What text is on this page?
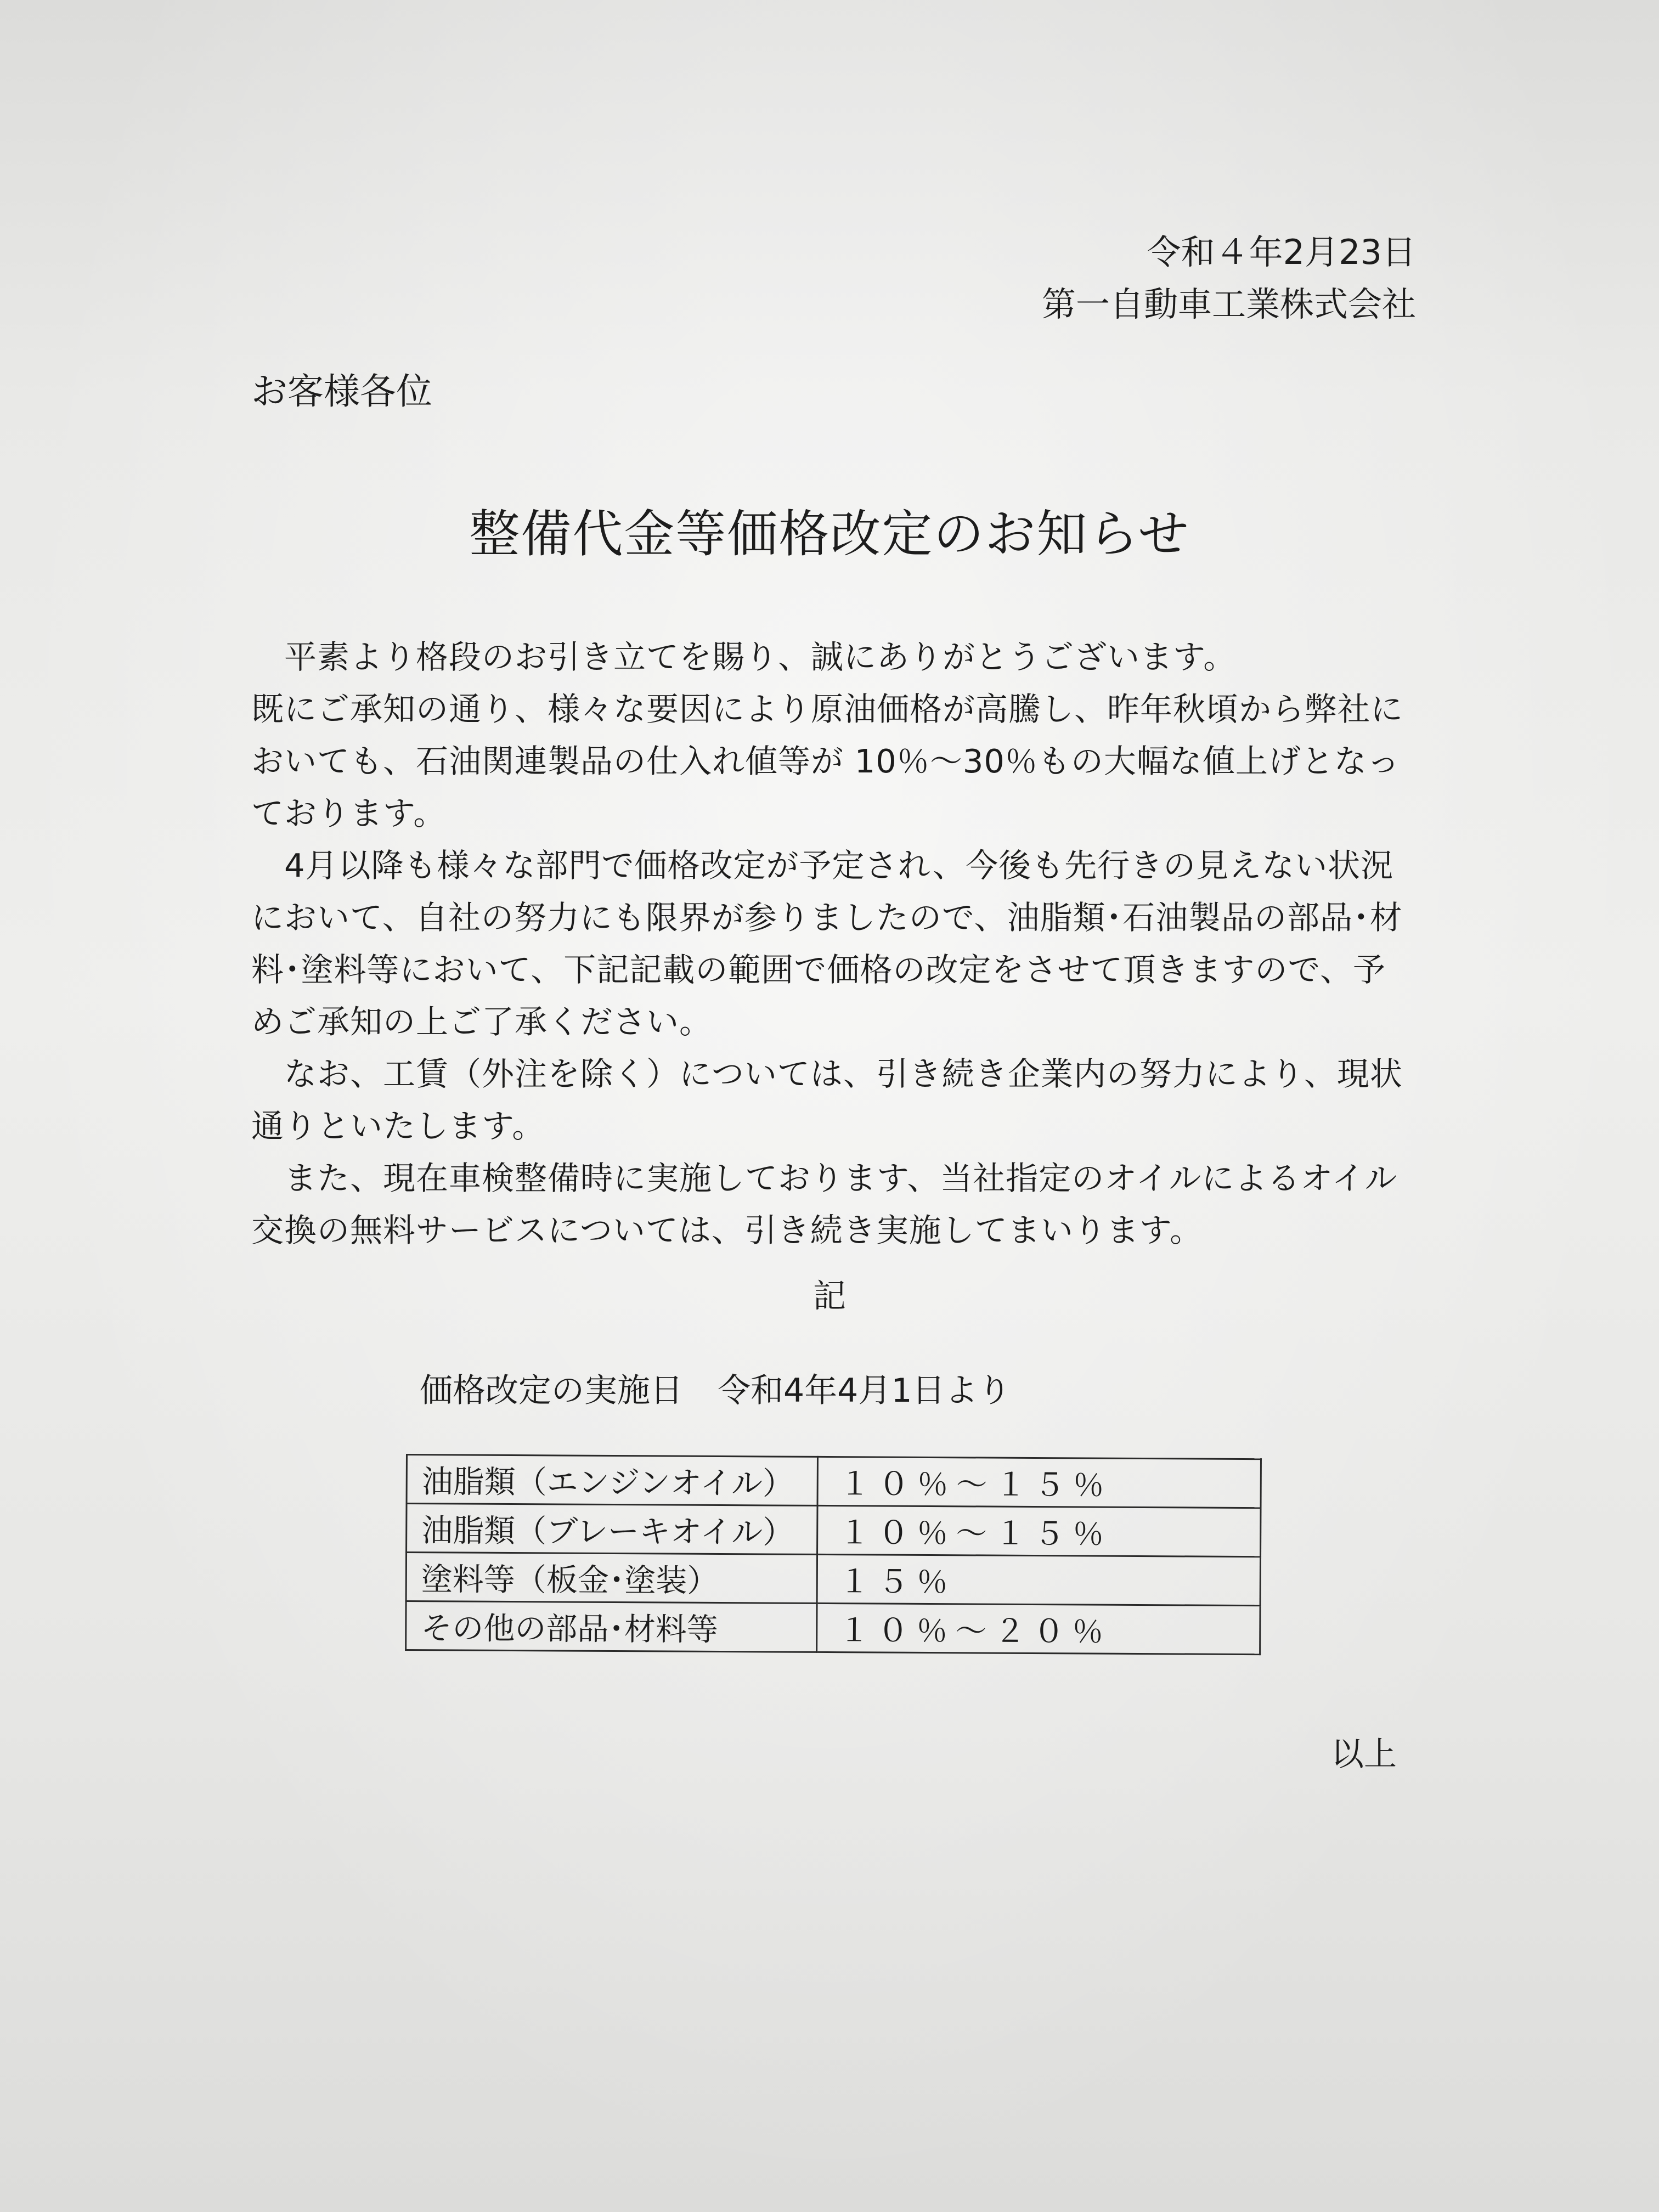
令和４年2月23日
第一自動車工業株式会社
お客様各位
整備代金等価格改定のお知らせ

　平素より格段のお引き立てを賜り、誠にありがとうございます。

既にご承知の通り、様々な要因により原油価格が高騰し、昨年秋頃から弊社においても、石油関連製品の仕入れ値等が 10％～30％もの大幅な値上げとなっております。

　4月以降も様々な部門で価格改定が予定され、今後も先行きの見えない状況において、自社の努力にも限界が参りましたので、油脂類･石油製品の部品･材料･塗料等において、下記記載の範囲で価格の改定をさせて頂きますので、予めご承知の上ご了承ください。

　なお、工賃（外注を除く）については、引き続き企業内の努力により、現状通りといたします。

　また、現在車検整備時に実施しております、当社指定のオイルによるオイル交換の無料サービスについては、引き続き実施してまいります。

記
価格改定の実施日 令和4年4月1日より
油脂類（エンジンオイル）	１０％～１５％
油脂類（ブレーキオイル）	１０％～１５％
塗料等（板金･塗装）	１５％
その他の部品･材料等	１０％～２０％
以上
